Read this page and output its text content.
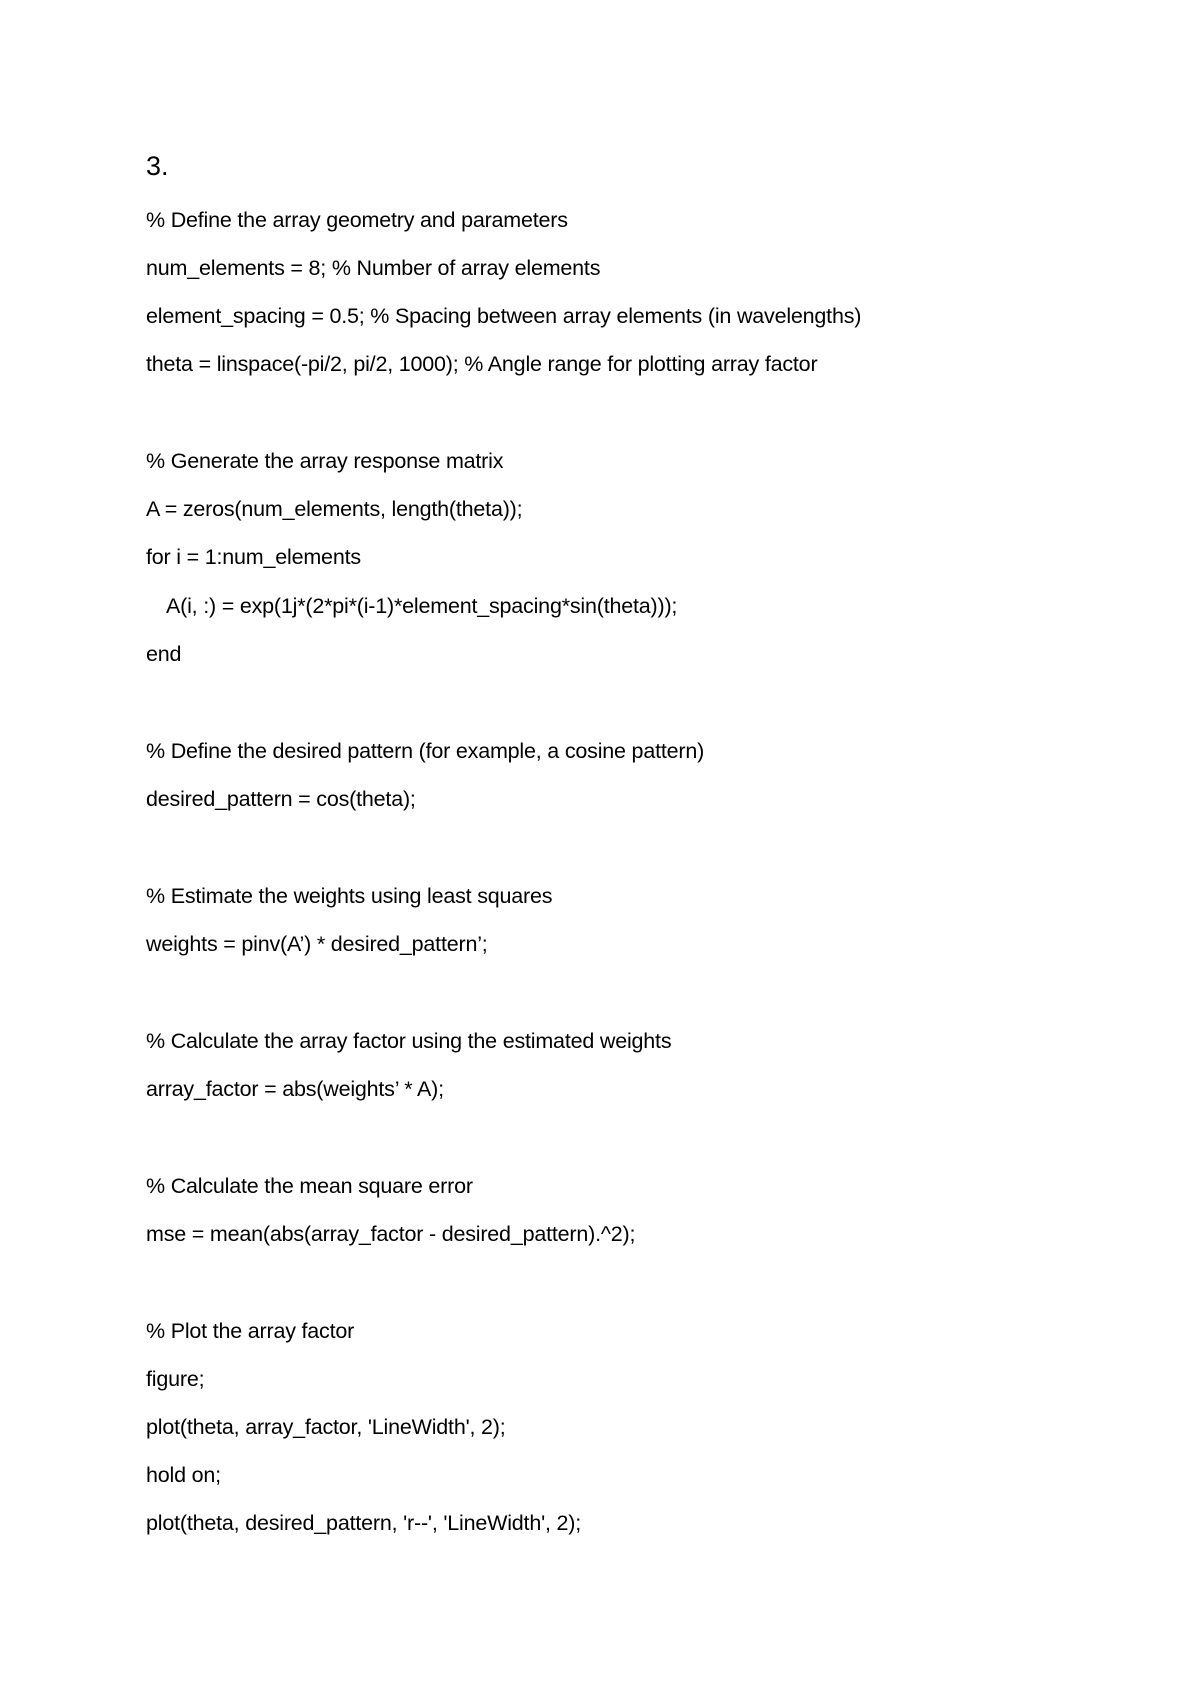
3.
% Define the array geometry and parameters
num_elements = 8; % Number of array elements
element_spacing = 0.5; % Spacing between array elements (in wavelengths)
theta = linspace(-pi/2, pi/2, 1000); % Angle range for plotting array factor
% Generate the array response matrix
A = zeros(num_elements, length(theta));
for i = 1:num_elements
A(i, :) = exp(1j*(2*pi*(i-1)*element_spacing*sin(theta)));
end
% Define the desired pattern (for example, a cosine pattern)
desired_pattern = cos(theta);
% Estimate the weights using least squares
weights = pinv(A’) * desired_pattern’;
% Calculate the array factor using the estimated weights
array_factor = abs(weights’ * A);
% Calculate the mean square error
mse = mean(abs(array_factor - desired_pattern).^2);
% Plot the array factor
figure;
plot(theta, array_factor, 'LineWidth', 2);
hold on;
plot(theta, desired_pattern, 'r--', 'LineWidth', 2);
